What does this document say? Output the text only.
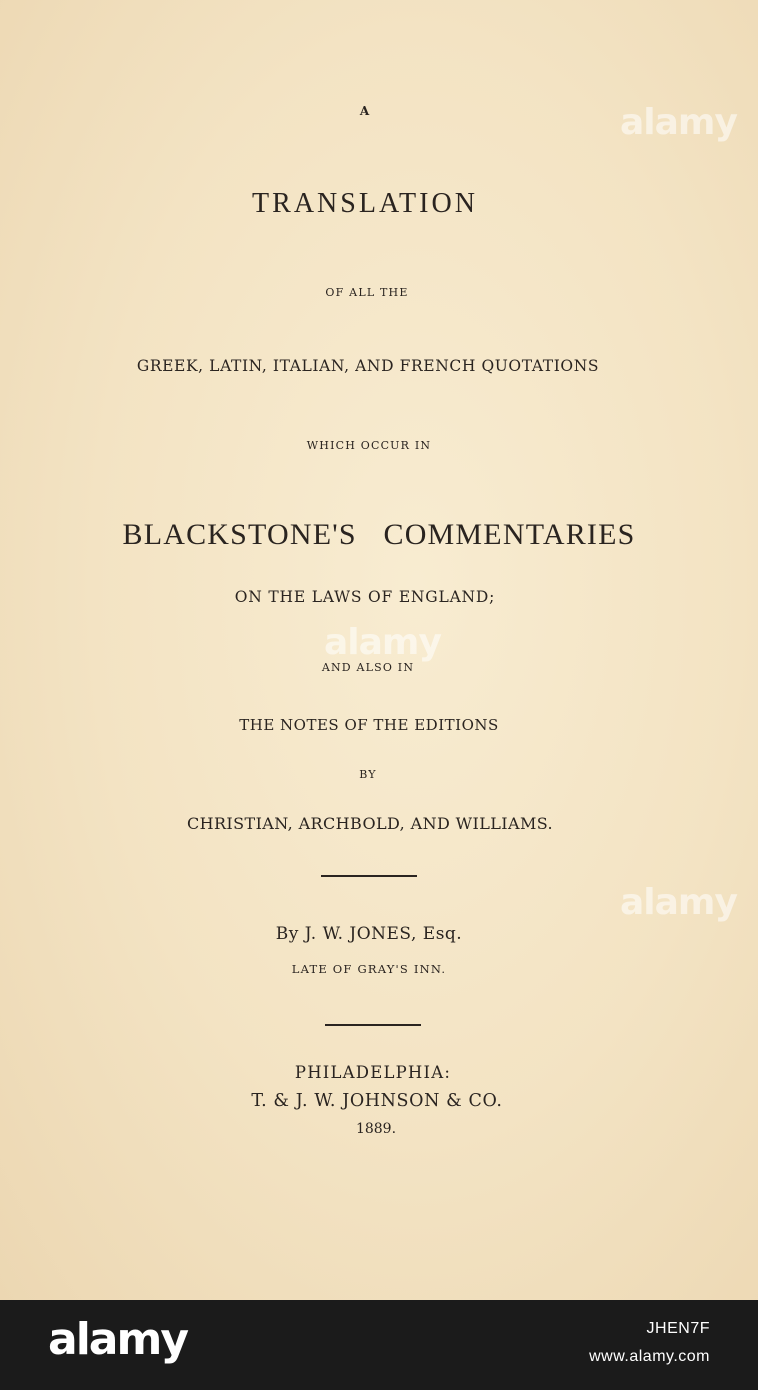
A
TRANSLATION
OF ALL THE
GREEK, LATIN, ITALIAN, AND FRENCH QUOTATIONS
WHICH OCCUR IN
BLACKSTONE'S COMMENTARIES
ON THE LAWS OF ENGLAND;
AND ALSO IN
THE NOTES OF THE EDITIONS
BY
CHRISTIAN, ARCHBOLD, AND WILLIAMS.
By J. W. JONES, Esq.
LATE OF GRAY'S INN.
PHILADELPHIA:
T. & J. W. JOHNSON & CO.
1889.
alamy
alamy
alamy
alamy	JHEN7F
www.alamy.com
